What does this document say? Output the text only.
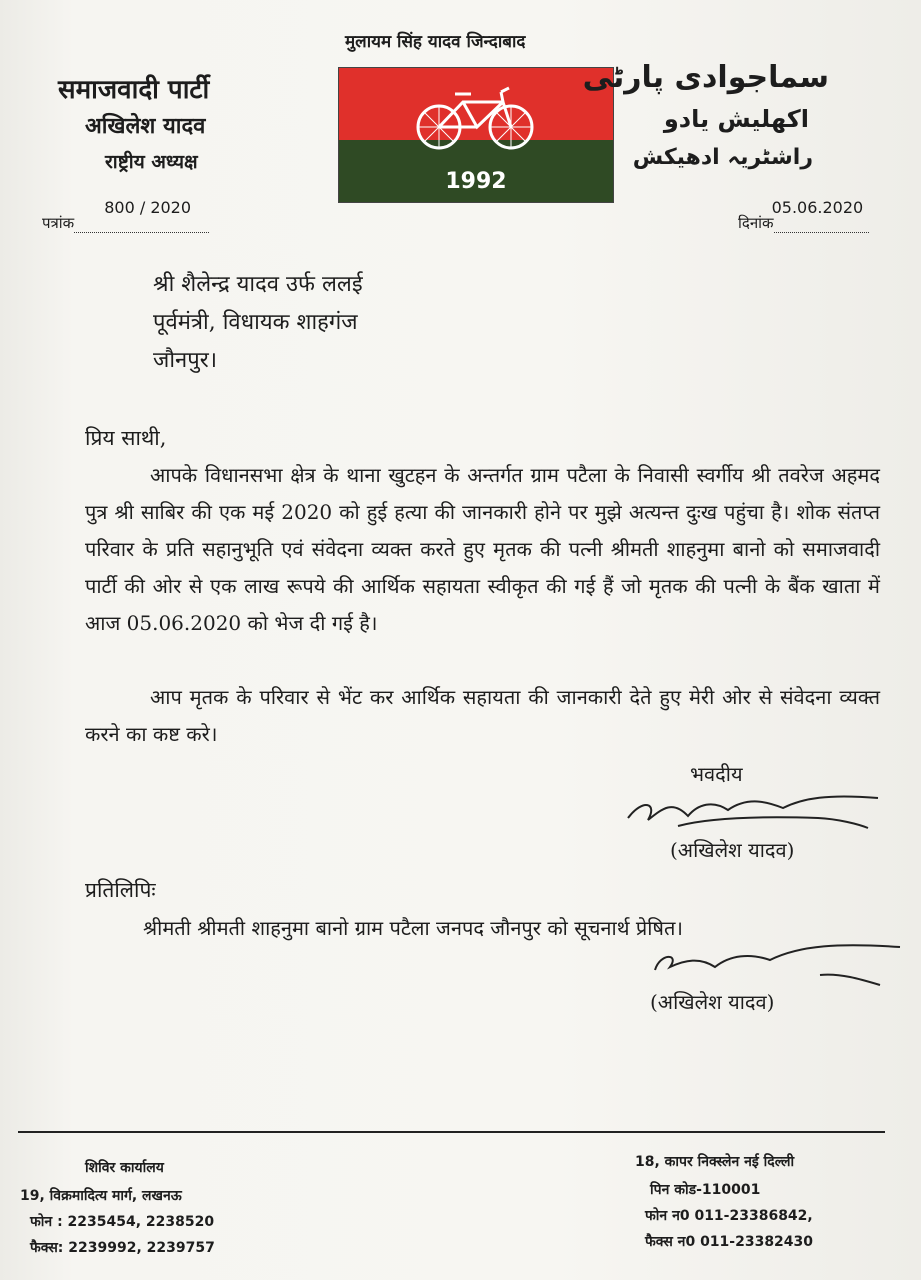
मुलायम सिंह यादव जिन्दाबाद
1992
समाजवादी पार्टी
अखिलेश यादव
राष्ट्रीय अध्यक्ष
سماجوادی پارٹی
اکھلیش یادو
راشٹریہ ادھیکش
पत्रांक
800 / 2020

दिनांक
05.06.2020

श्री शैलेन्द्र यादव उर्फ ललई
पूर्वमंत्री, विधायक शाहगंज
जौनपुर।
प्रिय साथी,
आपके विधानसभा क्षेत्र के थाना खुटहन के अन्तर्गत ग्राम पटैला के निवासी स्वर्गीय श्री तवरेज अहमद पुत्र श्री साबिर की एक मई 2020 को हुई हत्या की जानकारी होने पर मुझे अत्यन्त दुःख पहुंचा है। शोक संतप्त परिवार के प्रति सहानुभूति एवं संवेदना व्यक्त करते हुए मृतक की पत्नी श्रीमती शाहनुमा बानो को समाजवादी पार्टी की ओर से एक लाख रूपये की आर्थिक सहायता स्वीकृत की गई हैं जो मृतक की पत्नी के बैंक खाता में आज 05.06.2020 को भेज दी गई है।
आप मृतक के परिवार से भेंट कर आर्थिक सहायता की जानकारी देते हुए मेरी ओर से संवेदना व्यक्त करने का कष्ट करे।
भवदीय
(अखिलेश यादव)
प्रतिलिपिः
श्रीमती श्रीमती शाहनुमा बानो ग्राम पटैला जनपद जौनपुर को सूचनार्थ प्रेषित।
(अखिलेश यादव)
शिविर कार्यालय
19, विक्रमादित्य मार्ग, लखनऊ
फोन : 2235454, 2238520
फैक्स: 2239992, 2239757
18, कापर निक्स्लेन नई दिल्ली
पिन कोड-110001
फोन न0 011-23386842,
फैक्स न0 011-23382430
